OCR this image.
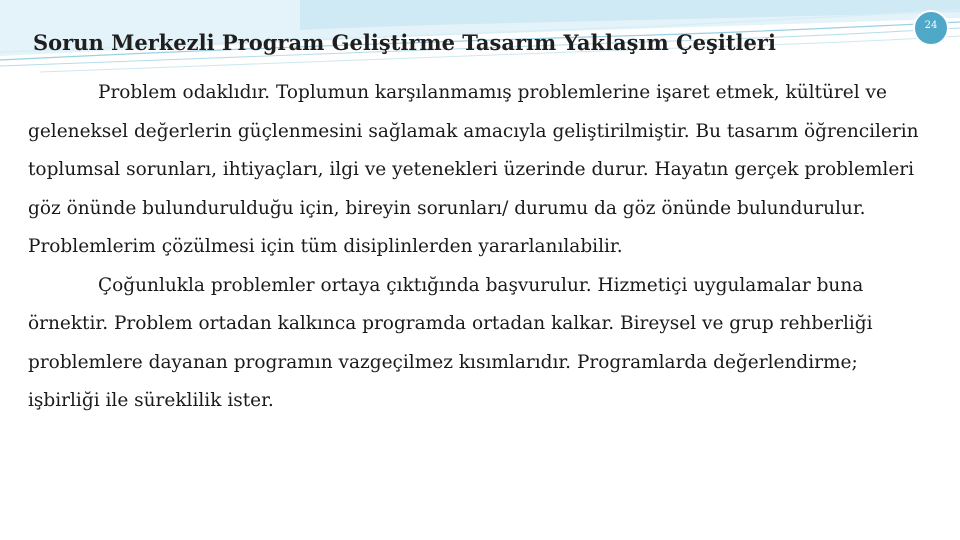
24
Sorun Merkezli Program Geliştirme Tasarım Yaklaşım Çeşitleri

Problem odaklıdır. Toplumun karşılanmamış problemlerine işaret etmek, kültürel ve geleneksel değerlerin güçlenmesini sağlamak amacıyla geliştirilmiştir. Bu tasarım öğrencilerin toplumsal sorunları, ihtiyaçları, ilgi ve yetenekleri üzerinde durur. Hayatın gerçek problemleri göz önünde bulundurulduğu için, bireyin sorunları/ durumu da göz önünde bulundurulur. Problemlerim çözülmesi için tüm disiplinlerden yararlanılabilir.

Çoğunlukla problemler ortaya çıktığında başvurulur. Hizmetiçi uygulamalar buna örnektir. Problem ortadan kalkınca programda ortadan kalkar. Bireysel ve grup rehberliği problemlere dayanan programın vazgeçilmez kısımlarıdır. Programlarda değerlendirme; işbirliği ile süreklilik ister.
